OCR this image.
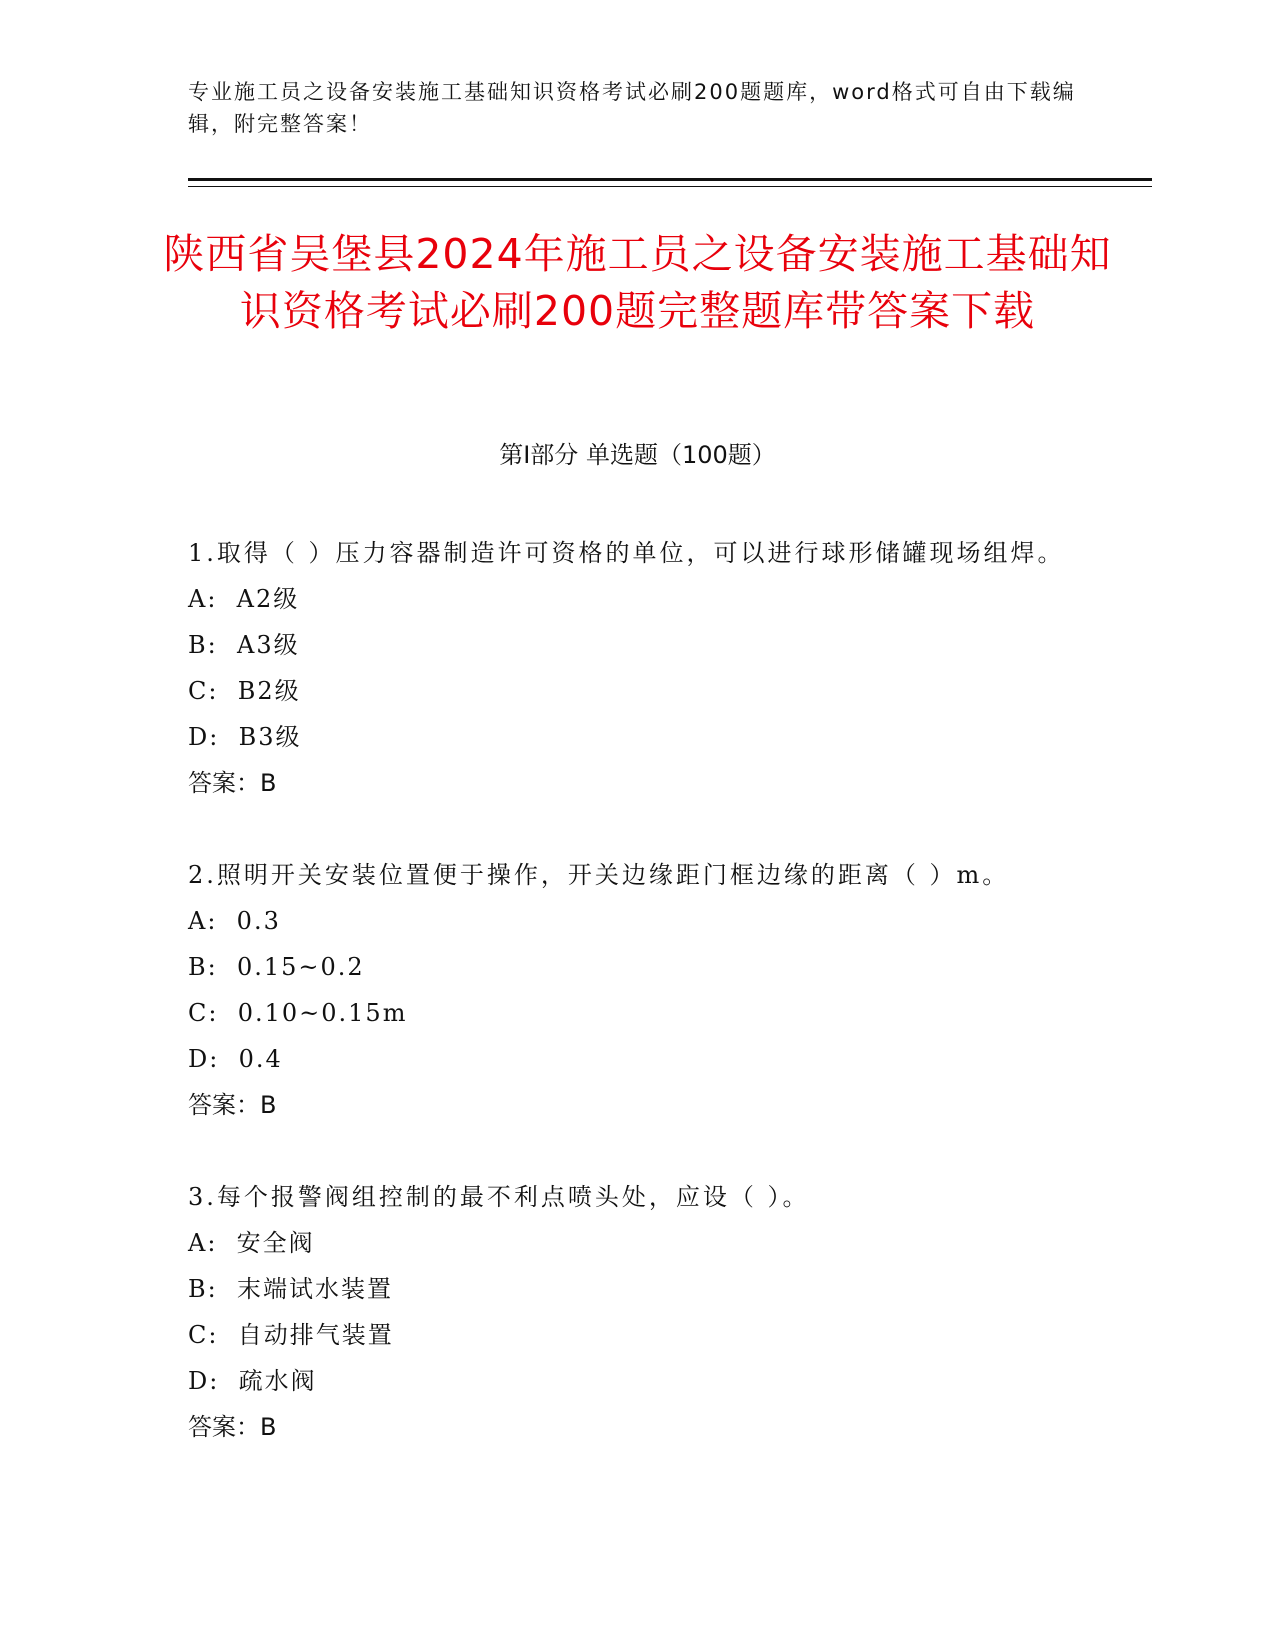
专业施工员之设备安装施工基础知识资格考试必刷200题题库，word格式可自由下载编辑，附完整答案！

陕西省吴堡县2024年施工员之设备安装施工基础知识资格考试必刷200题完整题库带答案下载
第I部分 单选题（100题）

1.取得（ ）压力容器制造许可资格的单位，可以进行球形储罐现场组焊。

A:  A2级

B:  A3级

C:  B2级

D:  B3级

答案：B

2.照明开关安装位置便于操作，开关边缘距门框边缘的距离（ ）m。

A:  0.3

B:  0.15~0.2

C:  0.10~0.15m

D:  0.4

答案：B

3.每个报警阀组控制的最不利点喷头处，应设（ ）。

A:  安全阀

B:  末端试水装置

C:  自动排气装置

D:  疏水阀

答案：B
